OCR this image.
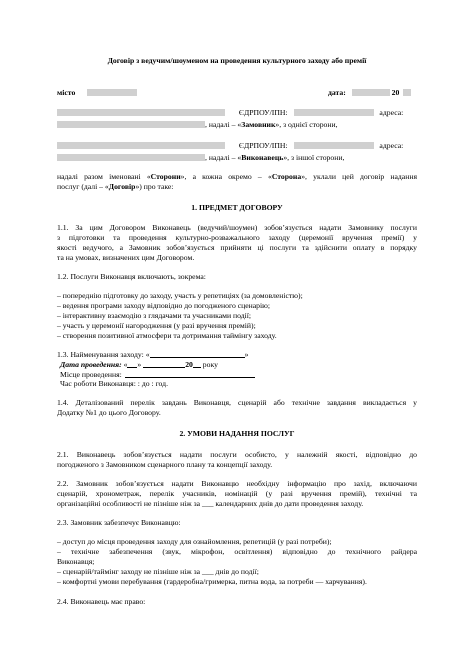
Договір з ведучим/шоуменом на проведення культурного заходу або премії
місто	дата:	20
ЄДРПОУ/ІПН:	адреса:
, надалі – «Замовник», з однієї сторони,
ЄДРПОУ/ІПН:	адреса:
, надалі – «Виконавець», з іншої сторони,
надалі разом іменовані «Сторони», а кожна окремо – «Сторона», уклали цей договір надання
послуг (далі – «Договір») про таке:
1. ПРЕДМЕТ ДОГОВОРУ
1.1. За цим Договором Виконавець (ведучий/шоумен) зобов’язується надати Замовнику послуги
з підготовки та проведення культурно-розважального заходу (церемонії вручення премії) у
якості ведучого, а Замовник зобов’язується прийняти ці послуги та здійснити оплату в порядку
та на умовах, визначених цим Договором.
1.2. Послуги Виконавця включають, зокрема:
– попереднію підготовку до заходу, участь у репетиціях (за домовленістю);
– ведення програми заходу відповідно до погодженого сценарію;
– інтерактивну взаємодію з глядачами та учасниками події;
– участь у церемонії нагородження (у разі вручення премій);
– створення позитивної атмосфери та дотримання таймінгу заходу.
1.3. Найменування заходу: «	»
Дата проведення: « »	20 року
Місце проведення:
Час роботи Виконавця: : до : год.
1.4. Деталізований перелік завдань Виконавця, сценарій або технічне завдання викладається у
Додатку №1 до цього Договору.
2. УМОВИ НАДАННЯ ПОСЛУГ
2.1. Виконавець зобов’язується надати послуги особисто, у належній якості, відповідно до
погодженого з Замовником сценарного плану та концепції заходу.
2.2. Замовник зобов’язується надати Виконавцю необхідну інформацію про захід, включаючи
сценарій, хронометраж, перелік учасників, номінацій (у разі вручення премій), технічні та
організаційні особливості не пізніше ніж за ___ календарних днів до дати проведення заходу.
2.3. Замовник забезпечує Виконавцю:
– доступ до місця проведення заходу для ознайомлення, репетицій (у разі потреби);
– технічне забезпечення (звук, мікрофон, освітлення) відповідно до технічного райдера
Виконавця;
– сценарій/таймінг заходу не пізніше ніж за ___ днів до події;
– комфортні умови перебування (гардеробна/гримерка, питна вода, за потреби — харчування).
2.4. Виконавець має право:
